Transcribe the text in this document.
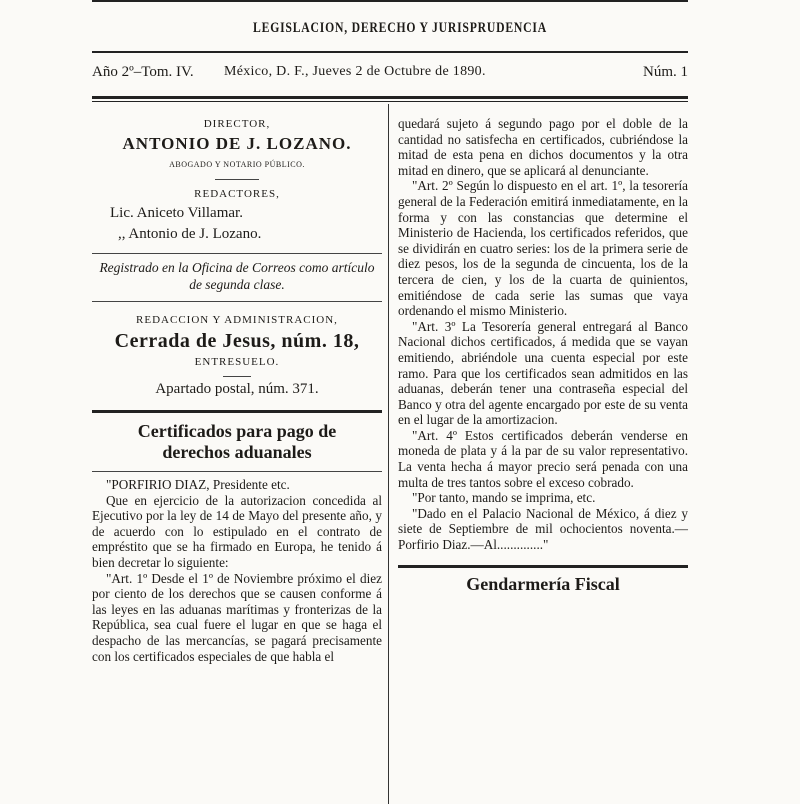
LEGISLACION, DERECHO Y JURISPRUDENCIA
Año 2º–Tom. IV. México, D. F., Jueves 2 de Octubre de 1890.	Núm. 1
DIRECTOR,
ANTONIO DE J. LOZANO.
ABOGADO Y NOTARIO PÚBLICO.
REDACTORES,
Lic. Aniceto Villamar.
,, Antonio de J. Lozano.
Registrado en la Oficina de Correos como artículo de segunda clase.
REDACCION Y ADMINISTRACION,
Cerrada de Jesus, núm. 18,
ENTRESUELO.
Apartado postal, núm. 371.
Certificados para pago de
derechos aduanales

"PORFIRIO DIAZ, Presidente etc.

Que en ejercicio de la autorizacion concedida al Ejecutivo por la ley de 14 de Mayo del presente año, y de acuerdo con lo estipulado en el contrato de empréstito que se ha firmado en Europa, he tenido á bien decretar lo siguiente:

"Art. 1º Desde el 1º de Noviembre próximo el diez por ciento de los derechos que se causen conforme á las leyes en las aduanas marítimas y fronterizas de la República, sea cual fuere el lugar en que se haga el despacho de las mercancías, se pagará precisamente con los certificados especiales de que habla el

quedará sujeto á segundo pago por el doble de la cantidad no satisfecha en certificados, cubriéndose la mitad de esta pena en dichos documentos y la otra mitad en dinero, que se aplicará al denunciante.

"Art. 2º Según lo dispuesto en el art. 1º, la tesorería general de la Federación emitirá inmediatamente, en la forma y con las constancias que determine el Ministerio de Hacienda, los certificados referidos, que se dividirán en cuatro series: los de la primera serie de diez pesos, los de la segunda de cincuenta, los de la tercera de cien, y los de la cuarta de quinientos, emitiéndose de cada serie las sumas que vaya ordenando el mismo Ministerio.

"Art. 3º La Tesorería general entregará al Banco Nacional dichos certificados, á medida que se vayan emitiendo, abriéndole una cuenta especial por este ramo. Para que los certificados sean admitidos en las aduanas, deberán tener una contraseña especial del Banco y otra del agente encargado por este de su venta en el lugar de la amortizacion.

"Art. 4º Estos certificados deberán venderse en moneda de plata y á la par de su valor representativo. La venta hecha á mayor precio será penada con una multa de tres tantos sobre el exceso cobrado.

"Por tanto, mando se imprima, etc.

"Dado en el Palacio Nacional de México, á diez y siete de Septiembre de mil ochocientos noventa.—Porfirio Diaz.—Al.............."

Gendarmería Fiscal
